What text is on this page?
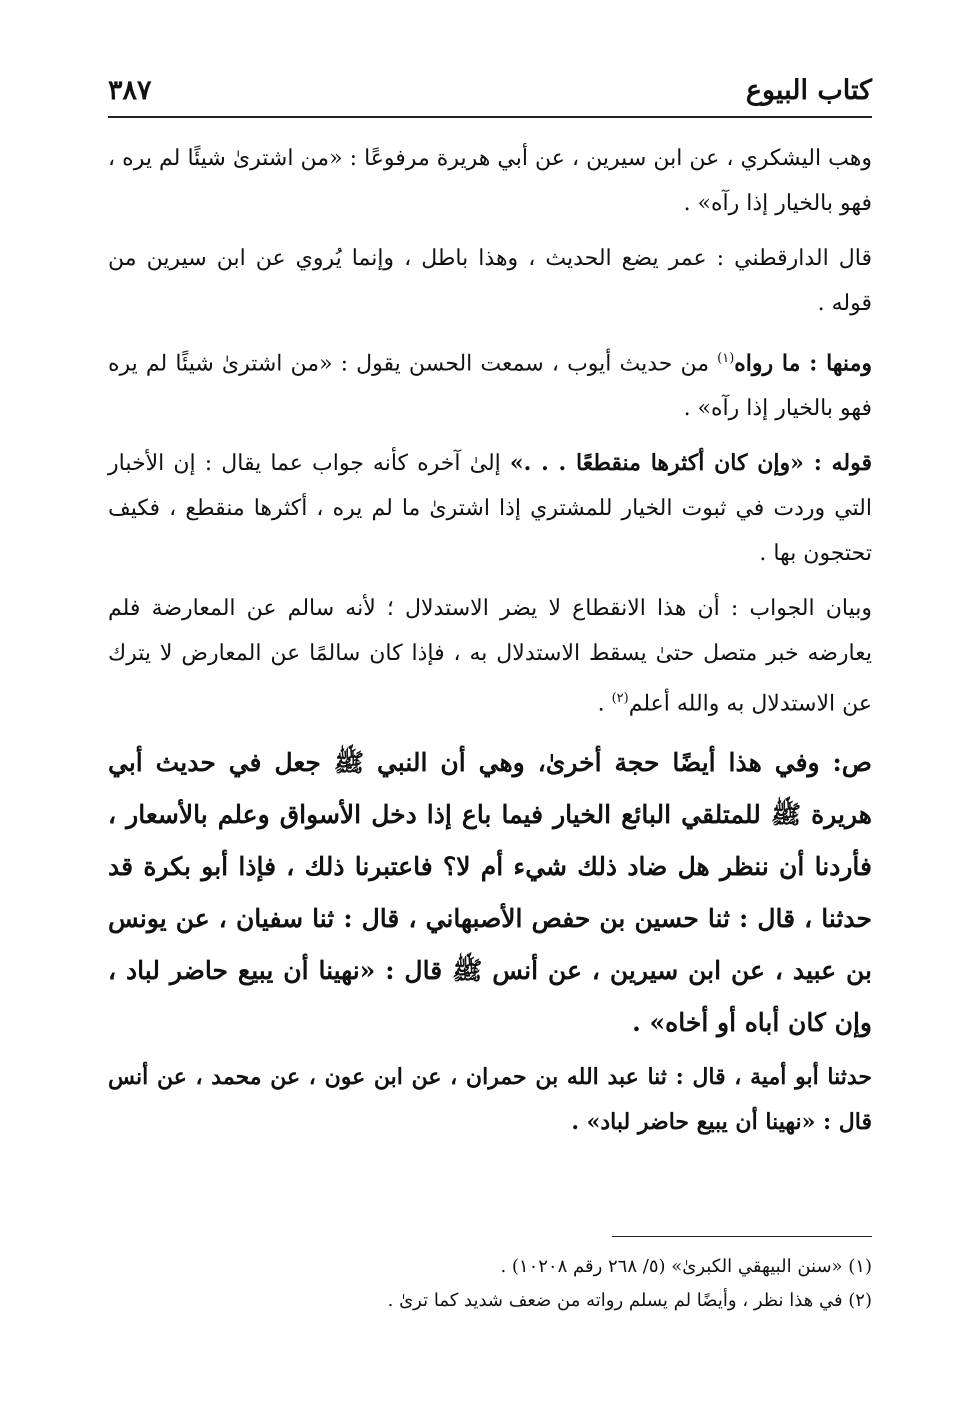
كتاب البيوع
٣٨٧

وهب اليشكري ، عن ابن سيرين ، عن أبي هريرة مرفوعًا : «من اشترىٰ شيئًا لم يره ، فهو بالخيار إذا رآه» .

قال الدارقطني : عمر يضع الحديث ، وهذا باطل ، وإنما يُروي عن ابن سيرين من قوله .

ومنها : ما رواه$^{(١)}$ من حديث أيوب ، سمعت الحسن يقول : «من اشترىٰ شيئًا لم يره فهو بالخيار إذا رآه» .

قوله : «وإن كان أكثرها منقطعًا . . .» إلىٰ آخره كأنه جواب عما يقال : إن الأخبار التي وردت في ثبوت الخيار للمشتري إذا اشترىٰ ما لم يره ، أكثرها منقطع ، فكيف تحتجون بها .

وبيان الجواب : أن هذا الانقطاع لا يضر الاستدلال ؛ لأنه سالم عن المعارضة فلم يعارضه خبر متصل حتىٰ يسقط الاستدلال به ، فإذا كان سالمًا عن المعارض لا يترك عن الاستدلال به والله أعلم$^{(٢)}$ .

ص: وفي هذا أيضًا حجة أخرىٰ، وهي أن النبي ﷺ جعل في حديث أبي هريرة ﷺ للمتلقي البائع الخيار فيما باع إذا دخل الأسواق وعلم بالأسعار ، فأردنا أن ننظر هل ضاد ذلك شيء أم لا؟ فاعتبرنا ذلك ، فإذا أبو بكرة قد حدثنا ، قال : ثنا حسين بن حفص الأصبهاني ، قال : ثنا سفيان ، عن يونس بن عبيد ، عن ابن سيرين ، عن أنس ﷺ قال : «نهينا أن يبيع حاضر لباد ، وإن كان أباه أو أخاه» .

حدثنا أبو أمية ، قال : ثنا عبد الله بن حمران ، عن ابن عون ، عن محمد ، عن أنس قال : «نهينا أن يبيع حاضر لباد» .

(١) «سنن البيهقي الكبرىٰ» (٥/ ٢٦٨ رقم ١٠٢٠٨) .

(٢) في هذا نظر ، وأيضًا لم يسلم رواته من ضعف شديد كما ترىٰ .
